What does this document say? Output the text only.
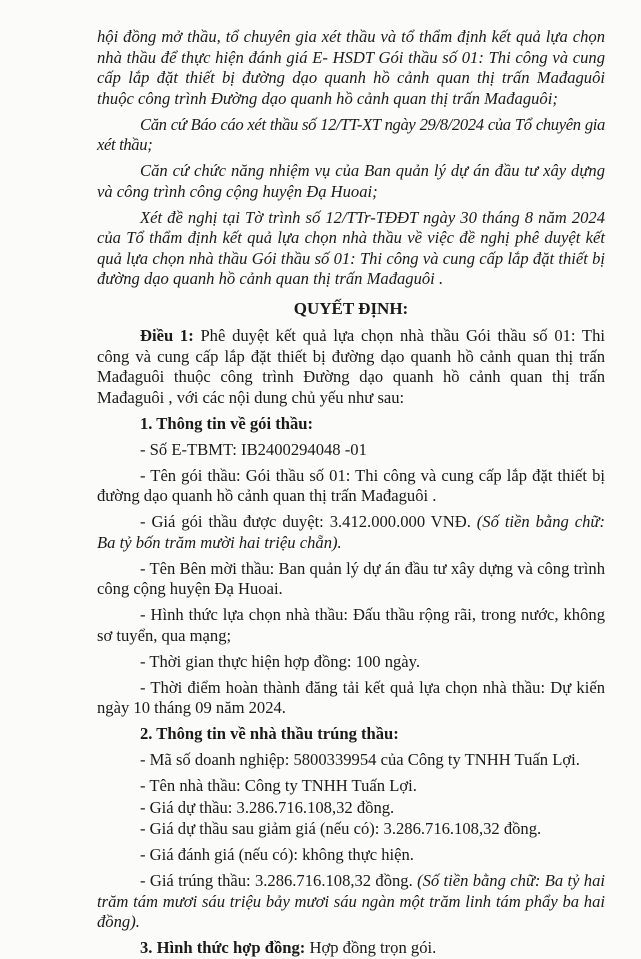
hội đồng mở thầu, tổ chuyên gia xét thầu và tổ thẩm định kết quả lựa chọn nhà thầu để thực hiện đánh giá E- HSDT Gói thầu số 01: Thi công và cung cấp lắp đặt thiết bị đường dạo quanh hồ cảnh quan thị trấn Mađaguôi thuộc công trình Đường dạo quanh hồ cảnh quan thị trấn Mađaguôi;

Căn cứ Báo cáo xét thầu số 12/TT-XT ngày 29/8/2024 của Tổ chuyên gia xét thầu;

Căn cứ chức năng nhiệm vụ của Ban quản lý dự án đầu tư xây dựng và công trình công cộng huyện Đạ Huoai;

Xét đề nghị tại Tờ trình số 12/TTr-TĐĐT ngày 30 tháng 8 năm 2024 của Tổ thẩm định kết quả lựa chọn nhà thầu về việc đề nghị phê duyệt kết quả lựa chọn nhà thầu Gói thầu số 01: Thi công và cung cấp lắp đặt thiết bị đường dạo quanh hồ cảnh quan thị trấn Mađaguôi .

QUYẾT ĐỊNH:

Điều 1: Phê duyệt kết quả lựa chọn nhà thầu Gói thầu số 01: Thi công và cung cấp lắp đặt thiết bị đường dạo quanh hồ cảnh quan thị trấn Mađaguôi thuộc công trình Đường dạo quanh hồ cảnh quan thị trấn Mađaguôi , với các nội dung chủ yếu như sau:

1. Thông tin về gói thầu:

- Số E-TBMT: IB2400294048 -01

- Tên gói thầu: Gói thầu số 01: Thi công và cung cấp lắp đặt thiết bị đường dạo quanh hồ cảnh quan thị trấn Mađaguôi .

- Giá gói thầu được duyệt: 3.412.000.000 VNĐ. (Số tiền bằng chữ: Ba tỷ bốn trăm mười hai triệu chẵn).

- Tên Bên mời thầu: Ban quản lý dự án đầu tư xây dựng và công trình công cộng huyện Đạ Huoai.

- Hình thức lựa chọn nhà thầu: Đấu thầu rộng rãi, trong nước, không sơ tuyển, qua mạng;

- Thời gian thực hiện hợp đồng: 100 ngày.

- Thời điểm hoàn thành đăng tải kết quả lựa chọn nhà thầu: Dự kiến ngày 10 tháng 09 năm 2024.

2. Thông tin về nhà thầu trúng thầu:

- Mã số doanh nghiệp: 5800339954 của Công ty TNHH Tuấn Lợi.

- Tên nhà thầu: Công ty TNHH Tuấn Lợi.

- Giá dự thầu: 3.286.716.108,32 đồng.

- Giá dự thầu sau giảm giá (nếu có): 3.286.716.108,32 đồng.

- Giá đánh giá (nếu có): không thực hiện.

- Giá trúng thầu: 3.286.716.108,32 đồng. (Số tiền bằng chữ: Ba tỷ hai trăm tám mươi sáu triệu bảy mươi sáu ngàn một trăm linh tám phẩy ba hai đồng).

3. Hình thức hợp đồng: Hợp đồng trọn gói.
